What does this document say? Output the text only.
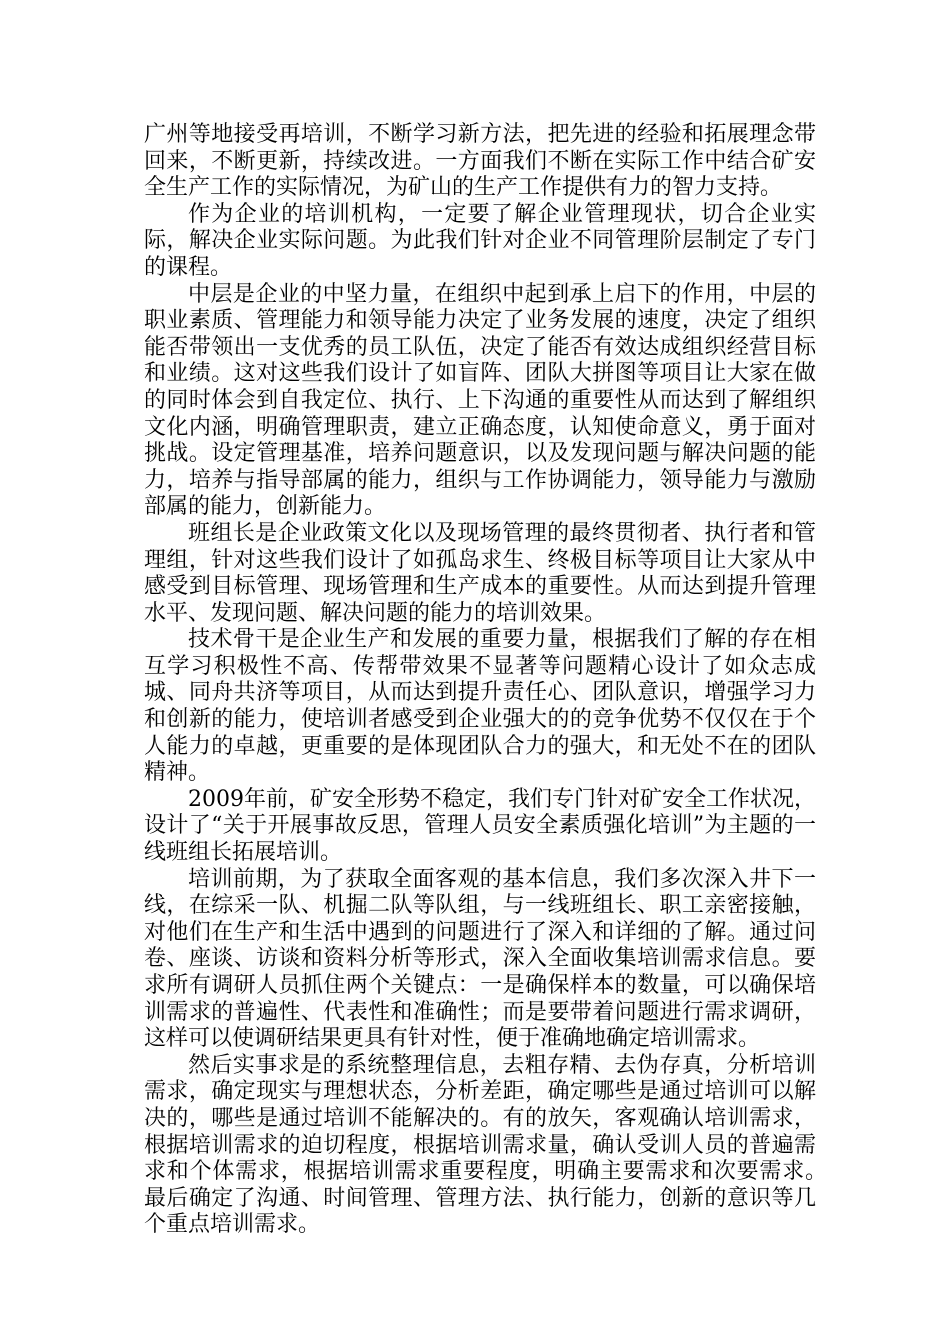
广州等地接受再培训，不断学习新方法，把先进的经验和拓展理念带回来，不断更新，持续改进。一方面我们不断在实际工作中结合矿安全生产工作的实际情况，为矿山的生产工作提供有力的智力支持。

作为企业的培训机构，一定要了解企业管理现状，切合企业实际，解决企业实际问题。为此我们针对企业不同管理阶层制定了专门的课程。

中层是企业的中坚力量，在组织中起到承上启下的作用，中层的职业素质、管理能力和领导能力决定了业务发展的速度，决定了组织能否带领出一支优秀的员工队伍，决定了能否有效达成组织经营目标和业绩。这对这些我们设计了如盲阵、团队大拼图等项目让大家在做的同时体会到自我定位、执行、上下沟通的重要性从而达到了解组织文化内涵，明确管理职责，建立正确态度，认知使命意义，勇于面对挑战。设定管理基准，培养问题意识，以及发现问题与解决问题的能力，培养与指导部属的能力，组织与工作协调能力，领导能力与激励部属的能力，创新能力。

班组长是企业政策文化以及现场管理的最终贯彻者、执行者和管理组，针对这些我们设计了如孤岛求生、终极目标等项目让大家从中感受到目标管理、现场管理和生产成本的重要性。从而达到提升管理水平、发现问题、解决问题的能力的培训效果。

技术骨干是企业生产和发展的重要力量，根据我们了解的存在相互学习积极性不高、传帮带效果不显著等问题精心设计了如众志成城、同舟共济等项目，从而达到提升责任心、团队意识，增强学习力和创新的能力，使培训者感受到企业强大的的竞争优势不仅仅在于个人能力的卓越，更重要的是体现团队合力的强大，和无处不在的团队精神。

2009年前，矿安全形势不稳定，我们专门针对矿安全工作状况，设计了“关于开展事故反思，管理人员安全素质强化培训”为主题的一线班组长拓展培训。

培训前期，为了获取全面客观的基本信息，我们多次深入井下一线，在综采一队、机掘二队等队组，与一线班组长、职工亲密接触，对他们在生产和生活中遇到的问题进行了深入和详细的了解。通过问卷、座谈、访谈和资料分析等形式，深入全面收集培训需求信息。要求所有调研人员抓住两个关键点：一是确保样本的数量，可以确保培训需求的普遍性、代表性和准确性；而是要带着问题进行需求调研，这样可以使调研结果更具有针对性，便于准确地确定培训需求。

然后实事求是的系统整理信息，去粗存精、去伪存真，分析培训需求，确定现实与理想状态，分析差距，确定哪些是通过培训可以解决的，哪些是通过培训不能解决的。有的放矢，客观确认培训需求，根据培训需求的迫切程度，根据培训需求量，确认受训人员的普遍需求和个体需求，根据培训需求重要程度，明确主要需求和次要需求。　　　　最后确定了沟通、时间管理、管理方法、执行能力，创新的意识等几个重点培训需求。
